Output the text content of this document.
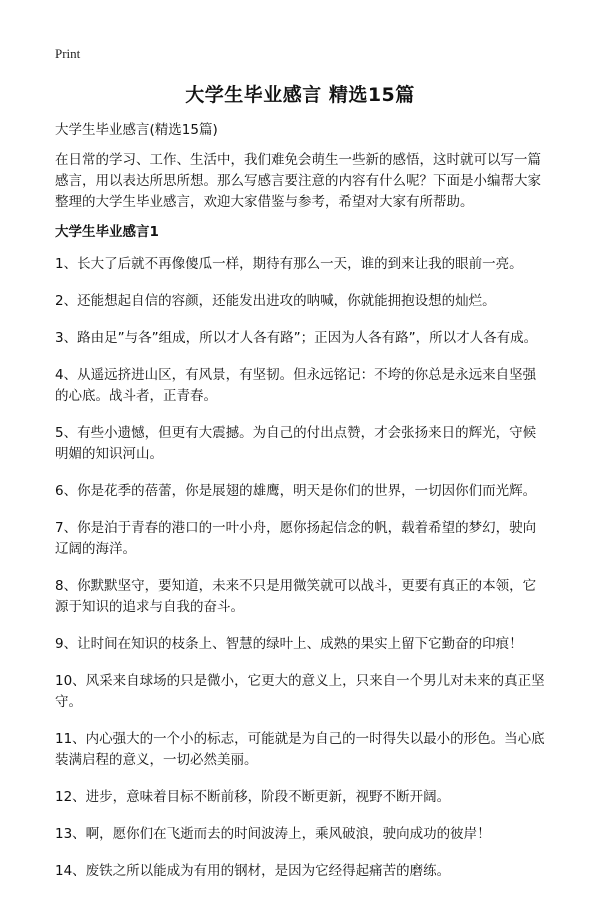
Print
大学生毕业感言 精选15篇
大学生毕业感言(精选15篇)
在日常的学习、工作、生活中，我们难免会萌生一些新的感悟，这时就可以写一篇感言，用以表达所思所想。那么写感言要注意的内容有什么呢？下面是小编帮大家整理的大学生毕业感言，欢迎大家借鉴与参考，希望对大家有所帮助。
大学生毕业感言1
1、长大了后就不再像傻瓜一样，期待有那么一天，谁的到来让我的眼前一亮。
2、还能想起自信的容颜，还能发出进攻的呐喊，你就能拥抱设想的灿烂。
3、路由足”与各”组成，所以才人各有路”；正因为人各有路”，所以才人各有成。
4、从遥远挤进山区，有风景，有坚韧。但永远铭记：不垮的你总是永远来自坚强的心底。战斗者，正青春。
5、有些小遗憾，但更有大震撼。为自己的付出点赞，才会张扬来日的辉光，守候明媚的知识河山。
6、你是花季的蓓蕾，你是展翅的雄鹰，明天是你们的世界，一切因你们而光辉。
7、你是泊于青春的港口的一叶小舟，愿你扬起信念的帆，载着希望的梦幻，驶向辽阔的海洋。
8、你默默坚守，要知道，未来不只是用微笑就可以战斗，更要有真正的本领，它源于知识的追求与自我的奋斗。
9、让时间在知识的枝条上、智慧的绿叶上、成熟的果实上留下它勤奋的印痕！
10、风采来自球场的只是微小，它更大的意义上，只来自一个男儿对未来的真正坚守。
11、内心强大的一个小的标志，可能就是为自己的一时得失以最小的形色。当心底装满启程的意义，一切必然美丽。
12、进步，意味着目标不断前移，阶段不断更新，视野不断开阔。
13、啊，愿你们在飞逝而去的时间波涛上，乘风破浪，驶向成功的彼岸！
14、废铁之所以能成为有用的钢材，是因为它经得起痛苦的磨练。
